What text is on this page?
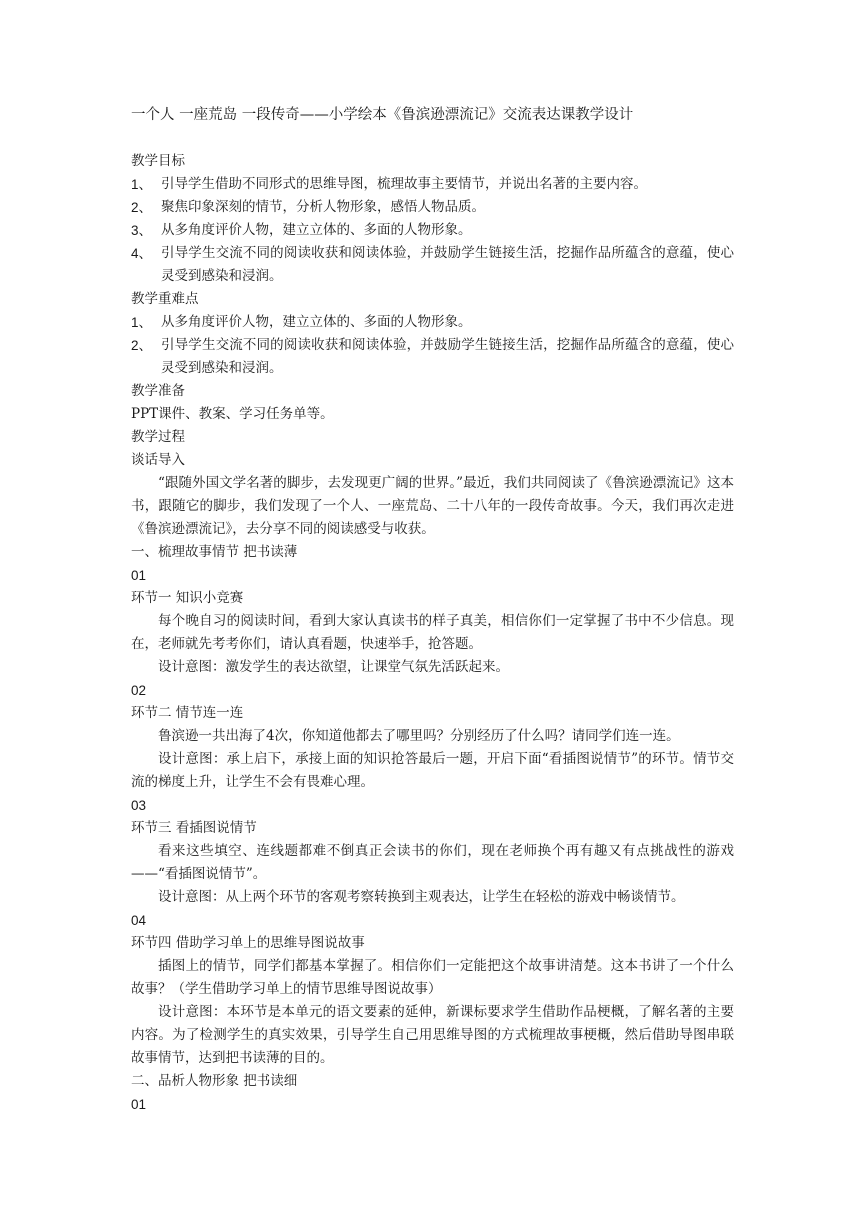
一个人 一座荒岛 一段传奇——小学绘本《鲁滨逊漂流记》交流表达课教学设计

教学目标

1、 引导学生借助不同形式的思维导图，梳理故事主要情节，并说出名著的主要内容。
2、 聚焦印象深刻的情节，分析人物形象，感悟人物品质。
3、 从多角度评价人物，建立立体的、多面的人物形象。
4、 引导学生交流不同的阅读收获和阅读体验，并鼓励学生链接生活，挖掘作品所蕴含的意蕴，使心灵受到感染和浸润。

教学重难点

1、 从多角度评价人物，建立立体的、多面的人物形象。
2、 引导学生交流不同的阅读收获和阅读体验，并鼓励学生链接生活，挖掘作品所蕴含的意蕴，使心灵受到感染和浸润。

教学准备

PPT课件、教案、学习任务单等。

教学过程

谈话导入

“跟随外国文学名著的脚步，去发现更广阔的世界。”最近，我们共同阅读了《鲁滨逊漂流记》这本书，跟随它的脚步，我们发现了一个人、一座荒岛、二十八年的一段传奇故事。今天，我们再次走进《鲁滨逊漂流记》，去分享不同的阅读感受与收获。

一、梳理故事情节 把书读薄

01

环节一 知识小竞赛

每个晚自习的阅读时间，看到大家认真读书的样子真美，相信你们一定掌握了书中不少信息。现在，老师就先考考你们，请认真看题，快速举手，抢答题。

设计意图：激发学生的表达欲望，让课堂气氛先活跃起来。

02

环节二 情节连一连

鲁滨逊一共出海了4次，你知道他都去了哪里吗？分别经历了什么吗？请同学们连一连。

设计意图：承上启下，承接上面的知识抢答最后一题，开启下面“看插图说情节”的环节。情节交流的梯度上升，让学生不会有畏难心理。

03

环节三 看插图说情节

看来这些填空、连线题都难不倒真正会读书的你们，现在老师换个再有趣又有点挑战性的游戏——“看插图说情节”。

设计意图：从上两个环节的客观考察转换到主观表达，让学生在轻松的游戏中畅谈情节。

04

环节四 借助学习单上的思维导图说故事

插图上的情节，同学们都基本掌握了。相信你们一定能把这个故事讲清楚。这本书讲了一个什么故事？（学生借助学习单上的情节思维导图说故事）

设计意图：本环节是本单元的语文要素的延伸，新课标要求学生借助作品梗概，了解名著的主要内容。为了检测学生的真实效果，引导学生自己用思维导图的方式梳理故事梗概，然后借助导图串联故事情节，达到把书读薄的目的。

二、品析人物形象 把书读细

01
